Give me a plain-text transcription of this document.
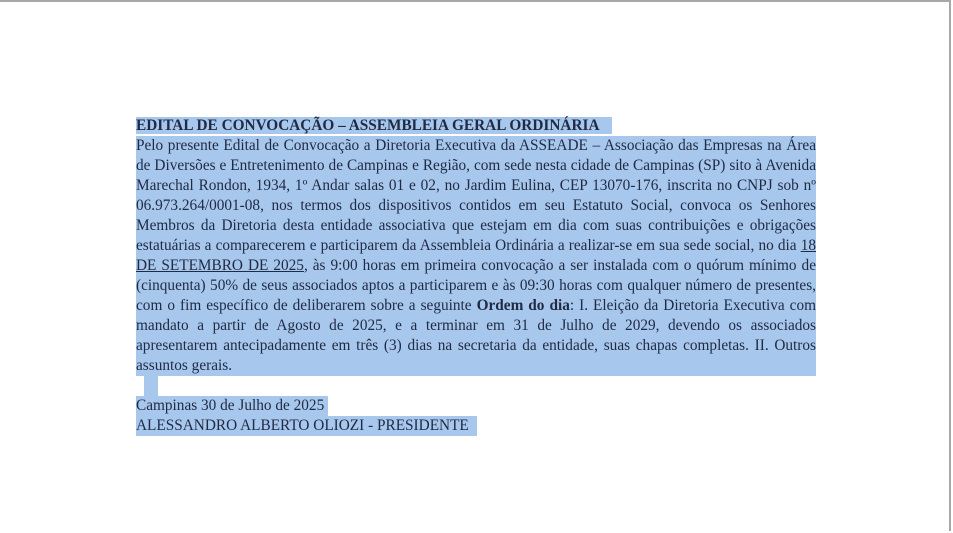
EDITAL DE CONVOCAÇÃO – ASSEMBLEIA GERAL ORDINÁRIA

Pelo presente Edital de Convocação a Diretoria Executiva da ASSEADE – Associação das Empresas na Área de Diversões e Entretenimento de Campinas e Região, com sede nesta cidade de Campinas (SP) sito à Avenida Marechal Rondon, 1934, 1º Andar salas 01 e 02, no Jardim Eulina, CEP 13070-176, inscrita no CNPJ sob nº 06.973.264/0001-08, nos termos dos dispositivos contidos em seu Estatuto Social, convoca os Senhores Membros da Diretoria desta entidade associativa que estejam em dia com suas contribuições e obrigações estatuárias a comparecerem e participarem da Assembleia Ordinária a realizar-se em sua sede social, no dia 18 DE SETEMBRO DE 2025, às 9:00 horas em primeira convocação a ser instalada com o quórum mínimo de (cinquenta) 50% de seus associados aptos a participarem e às 09:30 horas com qualquer número de presentes, com o fim específico de deliberarem sobre a seguinte Ordem do dia: I. Eleição da Diretoria Executiva com mandato a partir de Agosto de 2025, e a terminar em 31 de Julho de 2029, devendo os associados apresentarem antecipadamente em três (3) dias na secretaria da entidade, suas chapas completas. II. Outros assuntos gerais.

Campinas 30 de Julho de 2025
ALESSANDRO ALBERTO OLIOZI - PRESIDENTE
